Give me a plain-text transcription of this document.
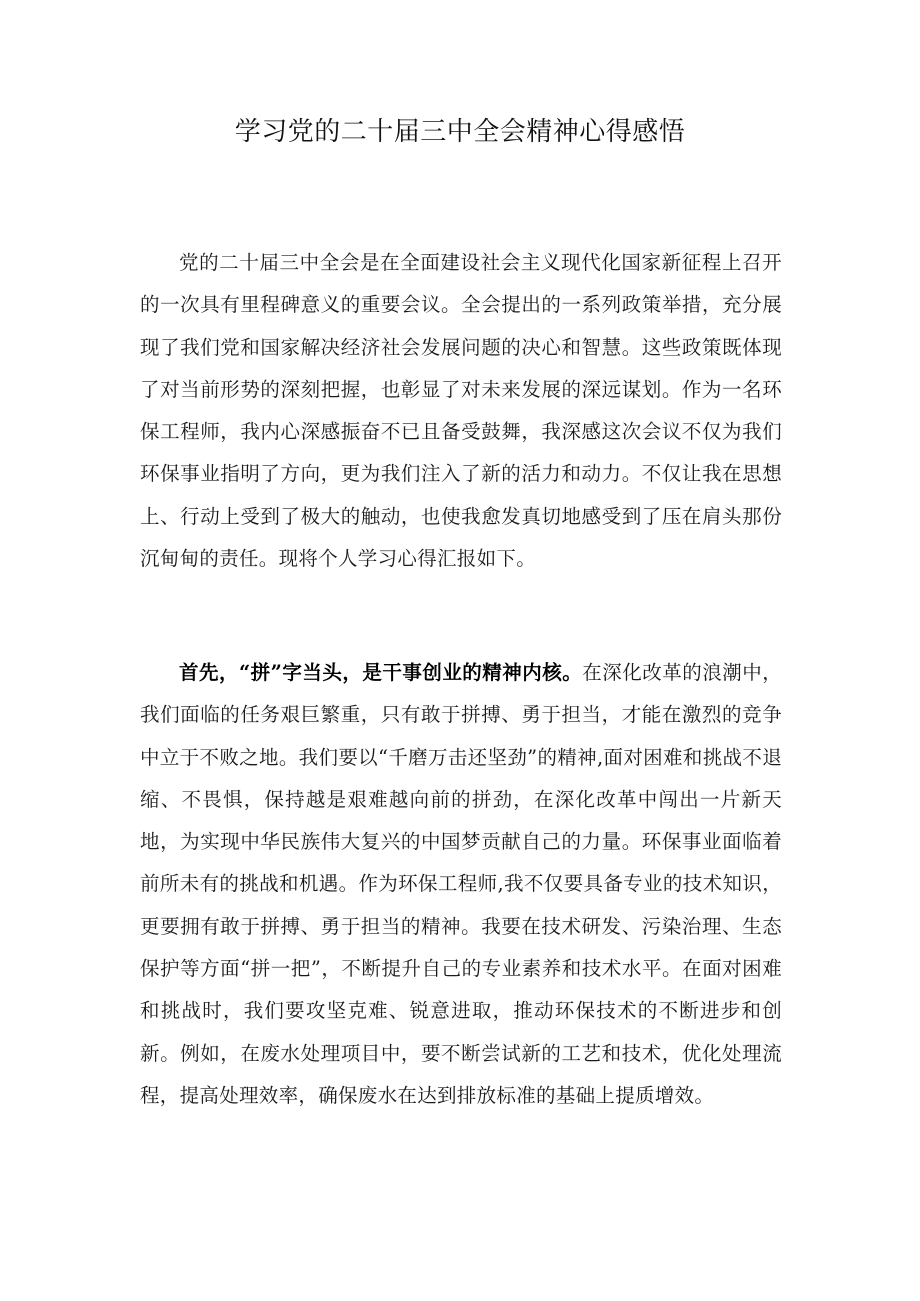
学习党的二十届三中全会精神心得感悟

党的二十届三中全会是在全面建设社会主义现代化国家新征程上召开的一次具有里程碑意义的重要会议。全会提出的一系列政策举措，充分展现了我们党和国家解决经济社会发展问题的决心和智慧。这些政策既体现了对当前形势的深刻把握，也彰显了对未来发展的深远谋划。作为一名环保工程师，我内心深感振奋不已且备受鼓舞，我深感这次会议不仅为我们环保事业指明了方向，更为我们注入了新的活力和动力。不仅让我在思想上、行动上受到了极大的触动，也使我愈发真切地感受到了压在肩头那份沉甸甸的责任。现将个人学习心得汇报如下。

首先，“拼”字当头，是干事创业的精神内核。在深化改革的浪潮中，我们面临的任务艰巨繁重，只有敢于拼搏、勇于担当，才能在激烈的竞争中立于不败之地。我们要以“千磨万击还坚劲”的精神,面对困难和挑战不退缩、不畏惧，保持越是艰难越向前的拼劲，在深化改革中闯出一片新天地，为实现中华民族伟大复兴的中国梦贡献自己的力量。环保事业面临着前所未有的挑战和机遇。作为环保工程师,我不仅要具备专业的技术知识，更要拥有敢于拼搏、勇于担当的精神。我要在技术研发、污染治理、生态保护等方面“拼一把”，不断提升自己的专业素养和技术水平。在面对困难和挑战时，我们要攻坚克难、锐意进取，推动环保技术的不断进步和创新。例如，在废水处理项目中，要不断尝试新的工艺和技术，优化处理流程，提高处理效率，确保废水在达到排放标准的基础上提质增效。
